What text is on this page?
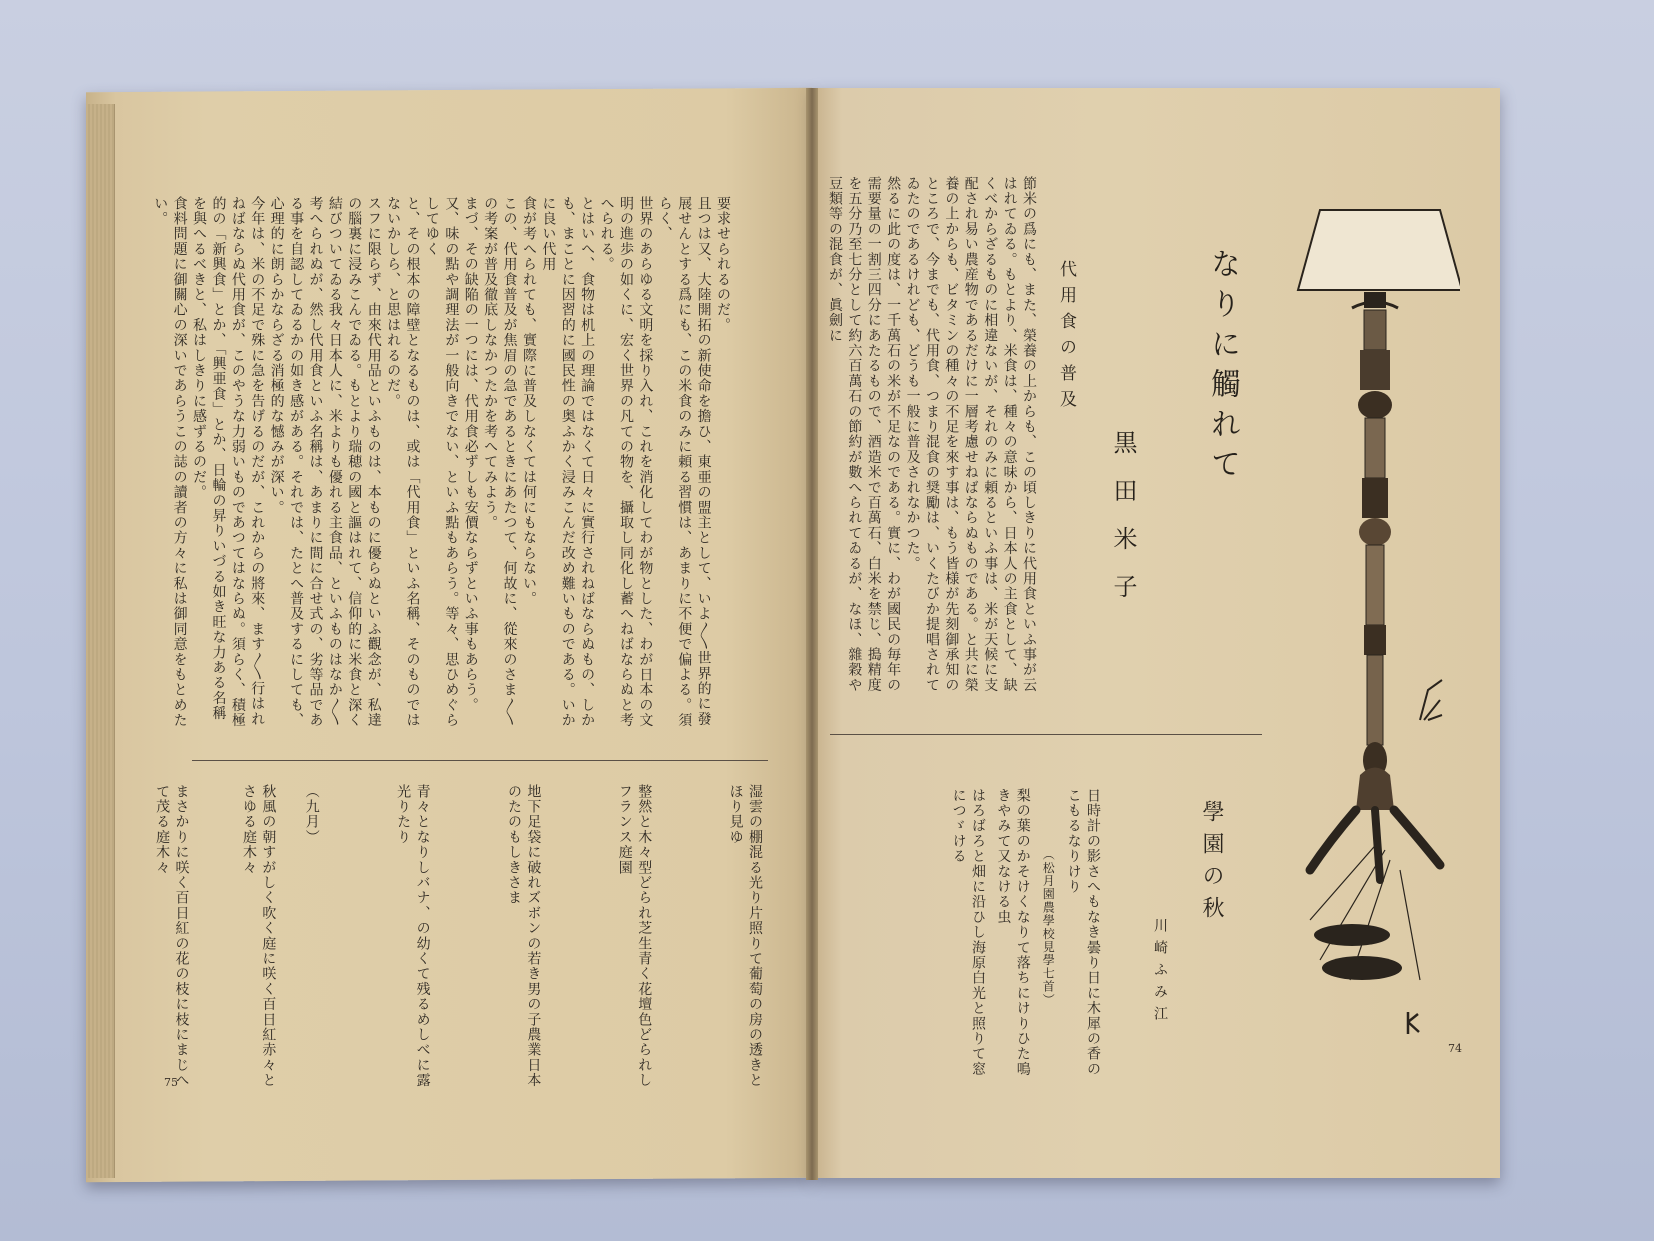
なりに觸れて
黒田米子
代用食の普及

節米の爲にも、また、榮養の上からも、この頃しきりに代用食といふ事が云はれてゐる。もとより、米食は、種々の意味から、日本人の主食として、缺くべからざるものに相違ないが、それのみに頼るといふ事は、米が天候に支配され易い農産物であるだけに一層考慮せねばならぬものである。と共に榮養の上からも、ビタミンの種々の不足を來す事は、もう皆様が先刻御承知のところで、今までも、代用食、つまり混食の奨勵は、いくたびか提唱されてゐたのであるけれども、どうも一般に普及されなかつた。

然るに此の度は、一千萬石の米が不足なのである。實に、わが國民の毎年の需要量の一割三四分にあたるもので、酒造米で百萬石、白米を禁じ、搗精度を五分乃至七分として約六百萬石の節約が數へられてゐるが、なほ、雜穀や豆類等の混食が、眞劍に

學園の秋
川崎ふみ江

日時計の影さへもなき曇り日に木犀の香のこもるなりけり

（松月園農學校見學七首）

梨の葉のかそけくなりて落ちにけりひた鳴きやみて又なける虫

はろばろと畑に沿ひし海原白光と照りて窓につゞける

74

要求せられるのだ。

且つは又、大陸開拓の新使命を擔ひ、東亜の盟主として、いよ〳〵世界的に發展せんとする爲にも、この米食のみに頼る習慣は、あまりに不便で偏よる。須らく、

世界のあらゆる文明を採り入れ、これを消化してわが物とした、わが日本の文明の進歩の如くに、宏く世界の凡ての物を、攝取し同化し蓄へねばならぬと考へられる。

とはいへ、食物は机上の理論ではなくて日々に實行されねばならぬもの、しかも、まことに因習的に國民性の奥ふかく浸みこんだ改め難いものである。いかに良い代用

食が考へられても、實際に普及しなくては何にもならない。

この、代用食普及が焦眉の急であるときにあたつて、何故に、從來のさま〳〵の考案が普及徹底しなかつたかを考へてみよう。

まづ、その缺陥の一つには、代用食必ずしも安價ならずといふ事もあらう。又、味の點や調理法が一般向きでない、といふ點もあらう。等々、思ひめぐらしてゆく

と、その根本の障壁となるものは、或は「代用食」といふ名稱、そのものではないかしら、と思はれるのだ。

スフに限らず、由來代用品といふものは、本ものに優らぬといふ觀念が、私達の腦裏に浸みこんでゐる。もとより瑞穂の國と謳はれて、信仰的に米食と深く結びついてゐる我々日本人に、米よりも優れる主食品、といふものはなか〳〵考へられぬが、然し代用食といふ名稱は、あまりに間に合せ式の、劣等品である事を自認してゐるかの如き感がある。それでは、たとへ普及するにしても、心理的に朗らかならざる消極的な憾みが深い。

今年は、米の不足で殊に急を告げるのだが、これからの將來、ます〳〵行はれねばならぬ代用食が、このやうな力弱いものであつてはならぬ。須らく、積極的の「新興食」とか、「興亜食」とか、日輪の昇りいづる如き旺な力ある名稱を與へるべきと、私はしきりに感ずるのだ。

食料問題に御關心の深いであらうこの誌の讀者の方々に私は御同意をもとめたい。

湿雲の棚混る光り片照りて葡萄の房の透きとほり見ゆ

整然と木々型どられ芝生青く花壇色どられしフランス庭園

地下足袋に破れズボンの若き男の子農業日本のたのもしきさま

青々となりしバナ、の幼くて残るめしべに露光りたり

（九月）

秋風の朝すがしく吹く庭に咲く百日紅赤々とさゆる庭木々

まさかりに咲く百日紅の花の枝に枝にまじへて茂る庭木々

75
